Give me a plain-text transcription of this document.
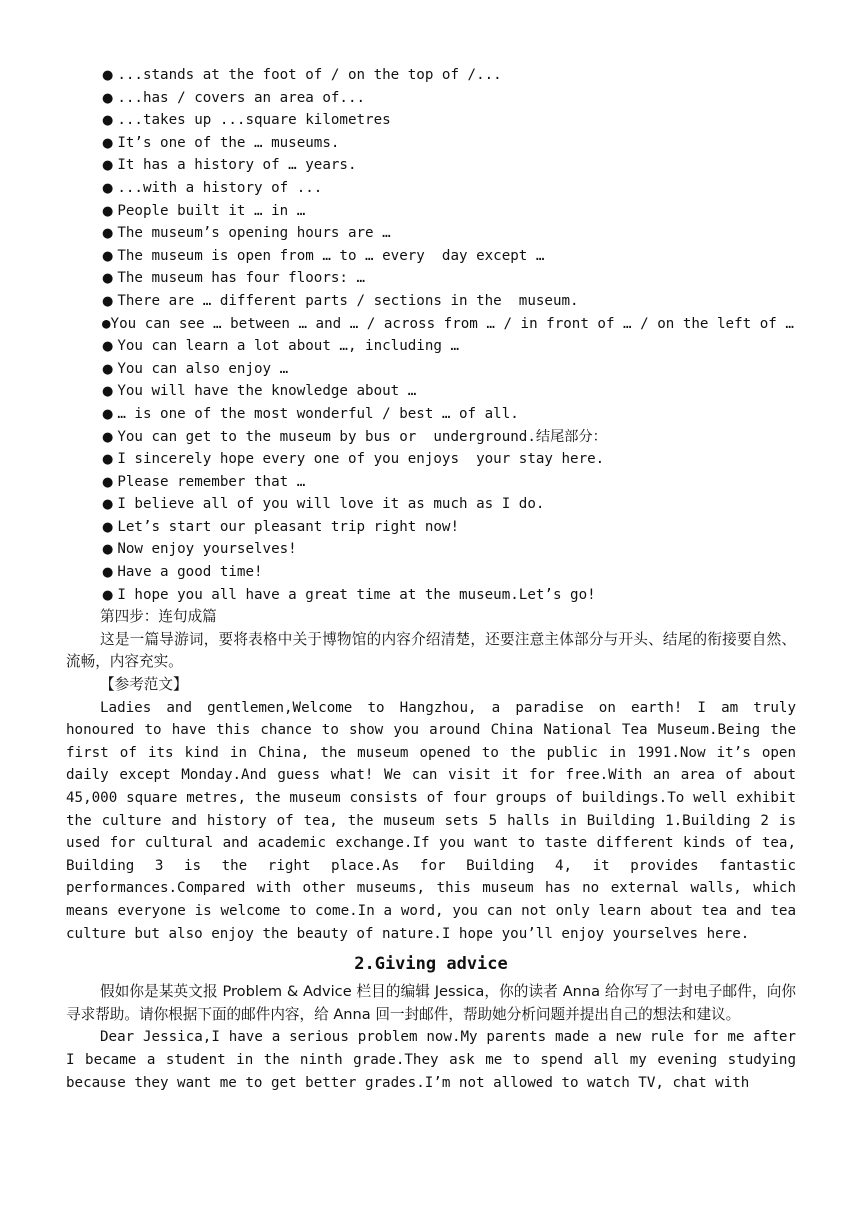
● ...stands at the foot of / on the top of /...
● ...has / covers an area of...
● ...takes up ...square kilometres
● It’s one of the … museums.
● It has a history of … years.
● ...with a history of ...
● People built it … in …
● The museum’s opening hours are …
● The museum is open from … to … every  day except …
● The museum has four floors: …
● There are … different parts / sections in the  museum.
●You can see … between … and … / across from … / in front of … / on the left of …
● You can learn a lot about …, including …
● You can also enjoy …
● You will have the knowledge about …
● … is one of the most wonderful / best … of all.
● You can get to the museum by bus or  underground.结尾部分：
● I sincerely hope every one of you enjoys  your stay here.
● Please remember that …
● I believe all of you will love it as much as I do.
● Let’s start our pleasant trip right now!
● Now enjoy yourselves!
● Have a good time!
● I hope you all have a great time at the museum.Let’s go!
第四步：连句成篇
这是一篇导游词，要将表格中关于博物馆的内容介绍清楚，还要注意主体部分与开头、结尾的衔接要自然、流畅，内容充实。
【参考范文】
Ladies and gentlemen,Welcome to Hangzhou, a paradise on earth! I am truly honoured to have this chance to show you around China National Tea Museum.Being the first of its kind in China, the museum opened to the public in 1991.Now it’s open daily except Monday.And guess what! We can visit it for free.With an area of about 45,000 square metres, the museum consists of four groups of buildings.To well exhibit the culture and history of tea, the museum sets 5 halls in Building 1.Building 2 is used for cultural and academic exchange.If you want to taste different kinds of tea, Building 3 is the right place.As for Building 4, it provides fantastic performances.Compared with other museums, this museum has no external walls, which means everyone is welcome to come.In a word, you can not only learn about tea and tea culture but also enjoy the beauty of nature.I hope you’ll enjoy yourselves here.
2.Giving advice
假如你是某英文报 Problem & Advice 栏目的编辑 Jessica，你的读者 Anna 给你写了一封电子邮件，向你寻求帮助。请你根据下面的邮件内容，给 Anna 回一封邮件，帮助她分析问题并提出自己的想法和建议。
Dear Jessica,I have a serious problem now.My parents made a new rule for me after I became a student in the ninth grade.They ask me to spend all my evening studying because they want me to get better grades.I’m not allowed to watch TV, chat with
